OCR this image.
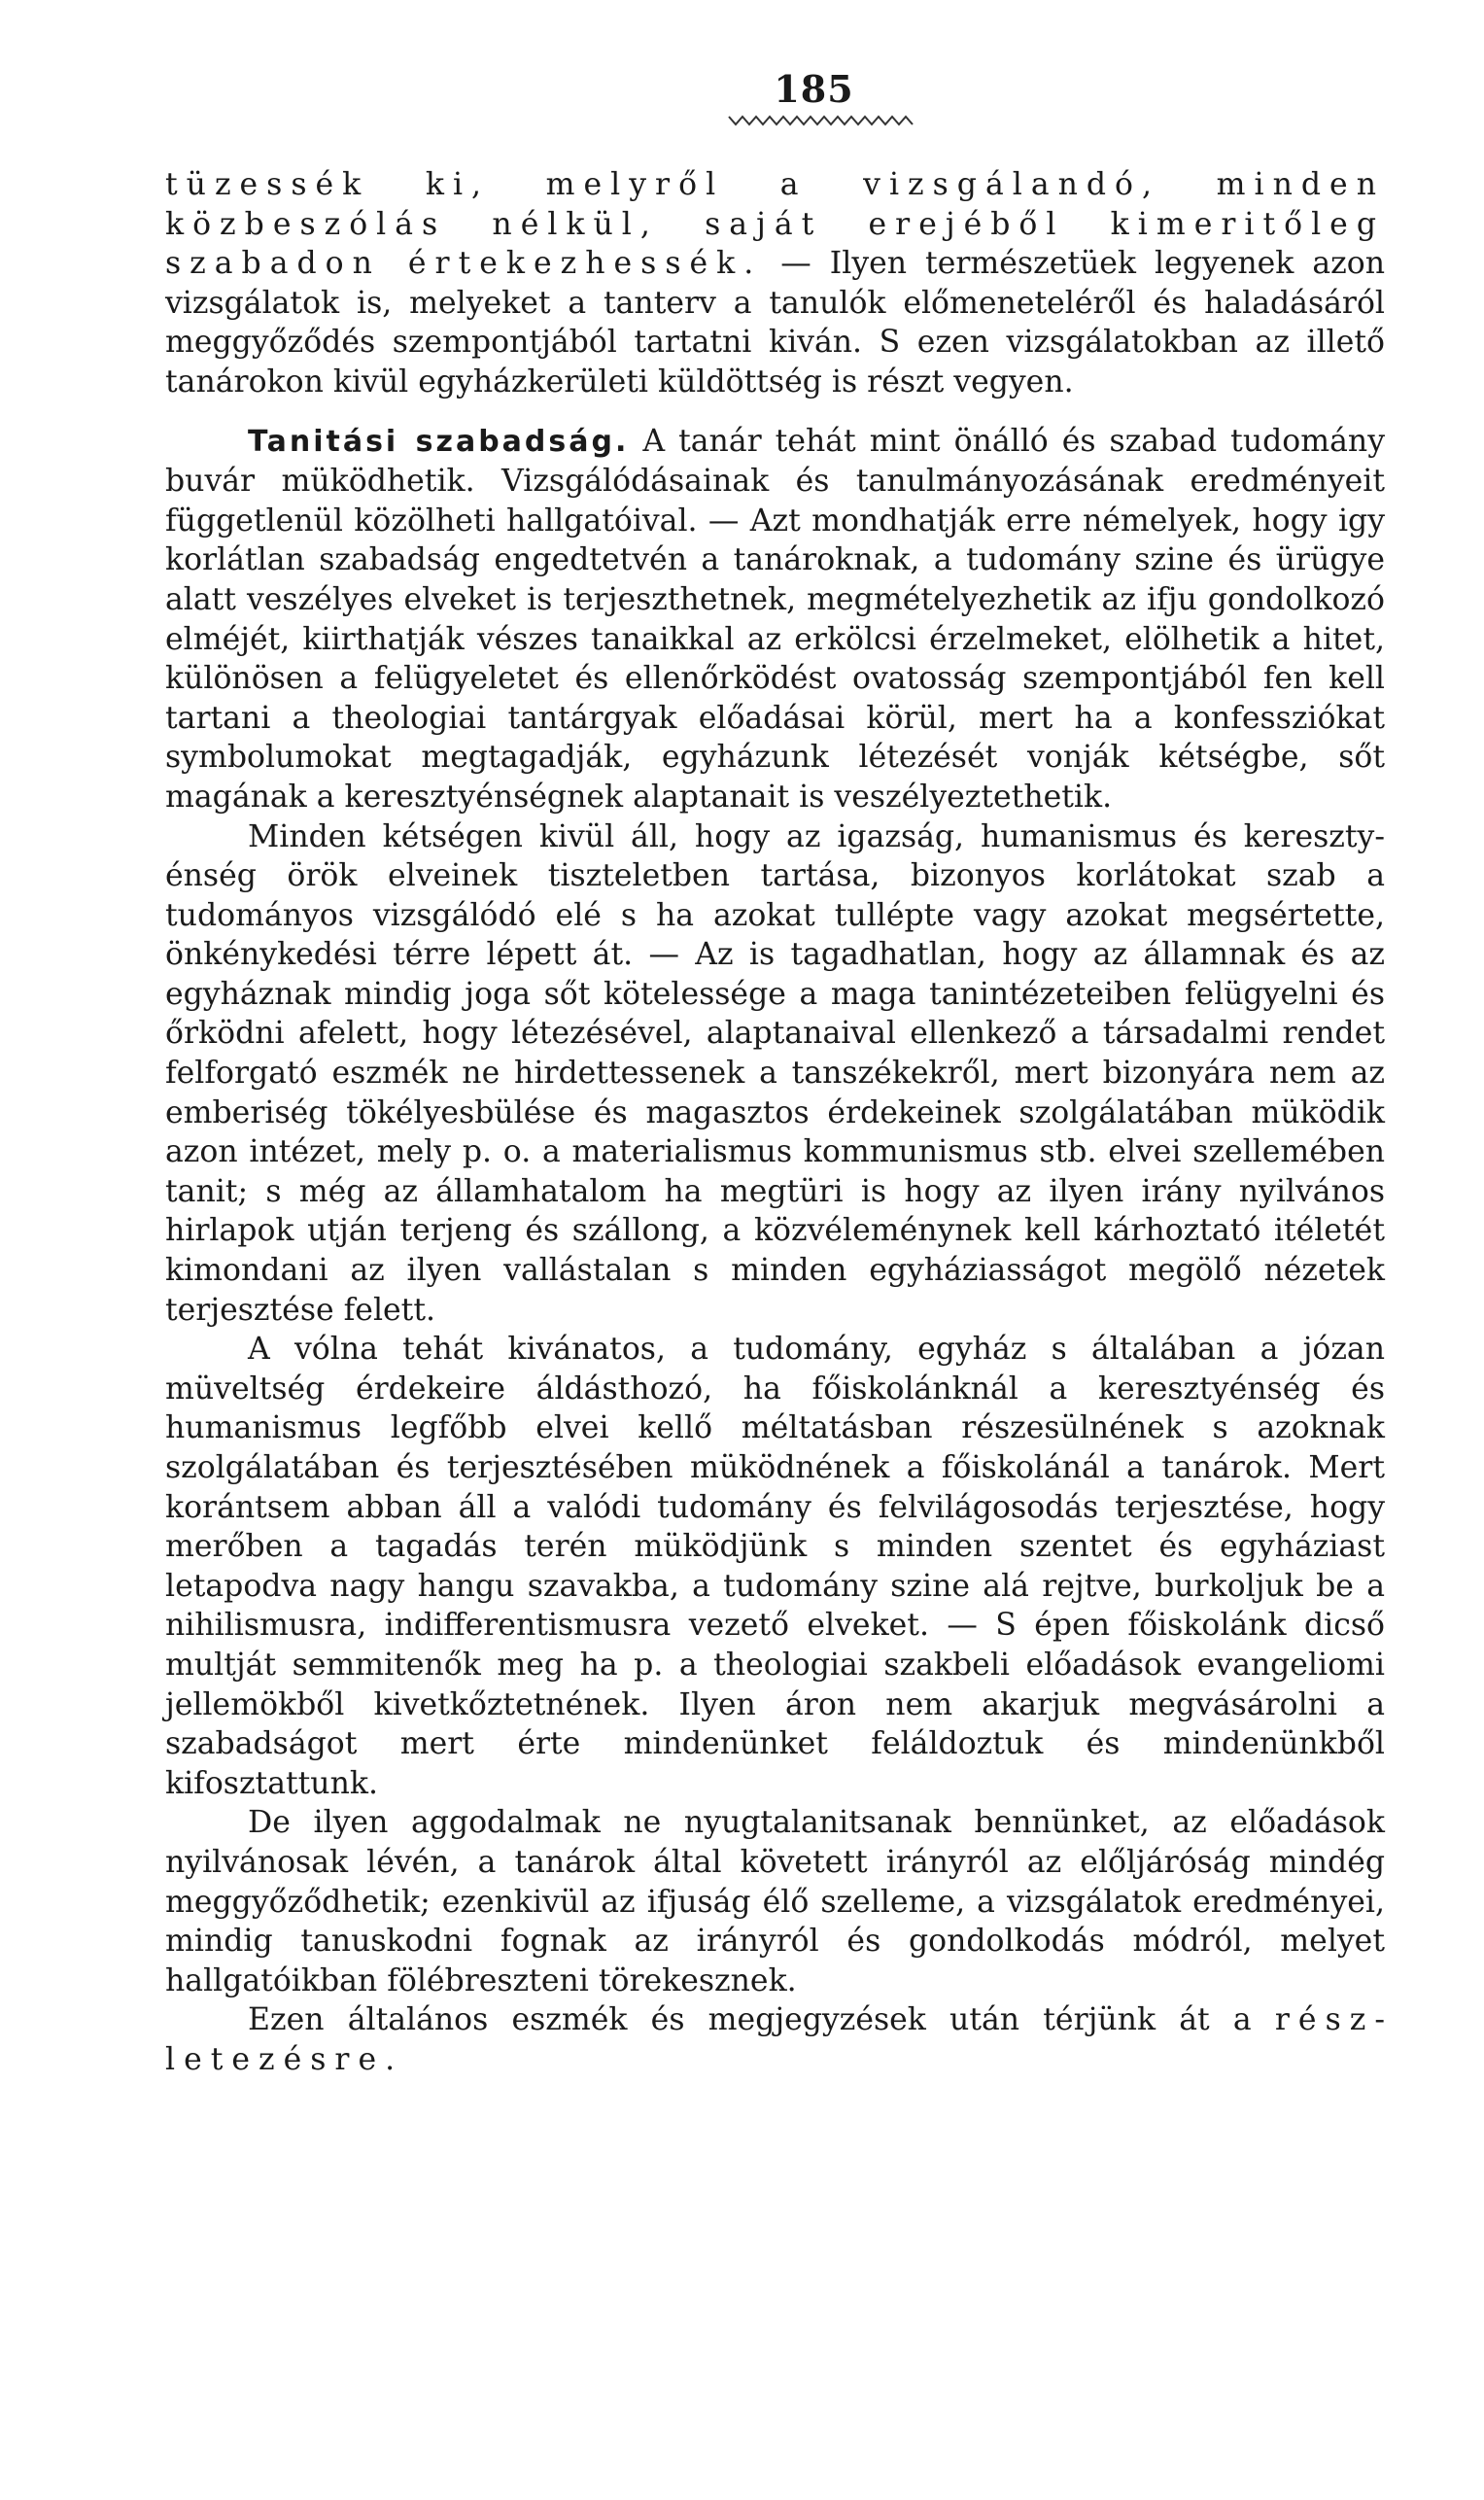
185

tüzessék ki, melyről a vizsgálandó, minden közbeszólás nélkül, saját erejéből kimeritőleg szabadon értekezhessék. — Ilyen természetüek legyenek azon vizsgálatok is, melyeket a tanterv a tanulók előmeneteléről és haladásáról meggyőződés szempontjából tartatni kiván. S ezen vizsgálatokban az illető tanárokon kivül egyházkerületi küldöttség is részt vegyen.

Tanitási szabadság. A tanár tehát mint önálló és szabad tudomány buvár müködhetik. Vizsgálódásainak és tanulmányozásának eredményeit függetlenül közölheti hallgatóival. — Azt mondhatják erre némelyek, hogy igy korlátlan szabadság engedtetvén a tanároknak, a tudomány szine és ürügye alatt veszélyes elveket is terjeszthetnek, megmételyezhetik az ifju gondolkozó elméjét, kiirthatják vészes tanaikkal az erkölcsi érzelmeket, elölhetik a hitet, különösen a felügyeletet és ellenőrködést ovatosság szempontjából fen kell tartani a theologiai tantárgyak előadásai körül, mert ha a konfessziókat symbolumokat megtagadják, egyházunk létezését vonják kétségbe, sőt magának a keresztyénségnek alaptanait is veszélyeztethetik.

Minden kétségen kivül áll, hogy az igazság, humanismus és keresztyénség örök elveinek tiszteletben tartása, bizonyos korlátokat szab a tudományos vizsgálódó elé s ha azokat tullépte vagy azokat megsértette, önkénykedési térre lépett át. — Az is tagadhatlan, hogy az államnak és az egyháznak mindig joga sőt kötelessége a maga tanintézeteiben felügyelni és őrködni afelett, hogy létezésével, alaptanaival ellenkező a társadalmi rendet felforgató eszmék ne hirdettessenek a tanszékekről, mert bizonyára nem az emberiség tökélyesbülése és magasztos érdekeinek szolgálatában müködik azon intézet, mely p. o. a materialismus kommunismus stb. elvei szellemében tanit; s még az államhatalom ha megtüri is hogy az ilyen irány nyilvános hirlapok utján terjeng és szállong, a közvéleménynek kell kárhoztató itéletét kimondani az ilyen vallástalan s minden egyháziasságot megölő nézetek terjesztése felett.

A vólna tehát kivánatos, a tudomány, egyház s általában a józan müveltség érdekeire áldásthozó, ha főiskolánknál a keresztyénség és humanismus legfőbb elvei kellő méltatásban részesülnének s azoknak szolgálatában és terjesztésében müködnének a főiskolánál a tanárok. Mert korántsem abban áll a valódi tudomány és felvilágosodás terjesztése, hogy merőben a tagadás terén müködjünk s minden szentet és egyháziast letapodva nagy hangu szavakba, a tudomány szine alá rejtve, burkoljuk be a nihilismusra, indifferentismusra vezető elveket. — S épen főiskolánk dicső multját semmitenők meg ha p. a theologiai szakbeli előadások evangeliomi jellemökből kivetkőztetnének. Ilyen áron nem akarjuk megvásárolni a szabadságot mert érte mindenünket feláldoztuk és mindenünkből kifosztattunk.

De ilyen aggodalmak ne nyugtalanitsanak bennünket, az előadások nyilvánosak lévén, a tanárok által követett irányról az előljáróság mindég meggyőződhetik; ezenkivül az ifjuság élő szelleme, a vizsgálatok eredményei, mindig tanuskodni fognak az irányról és gondolkodás módról, melyet hallgatóikban fölébreszteni törekesznek.

Ezen általános eszmék és megjegyzések után térjünk át a részletezésre.
